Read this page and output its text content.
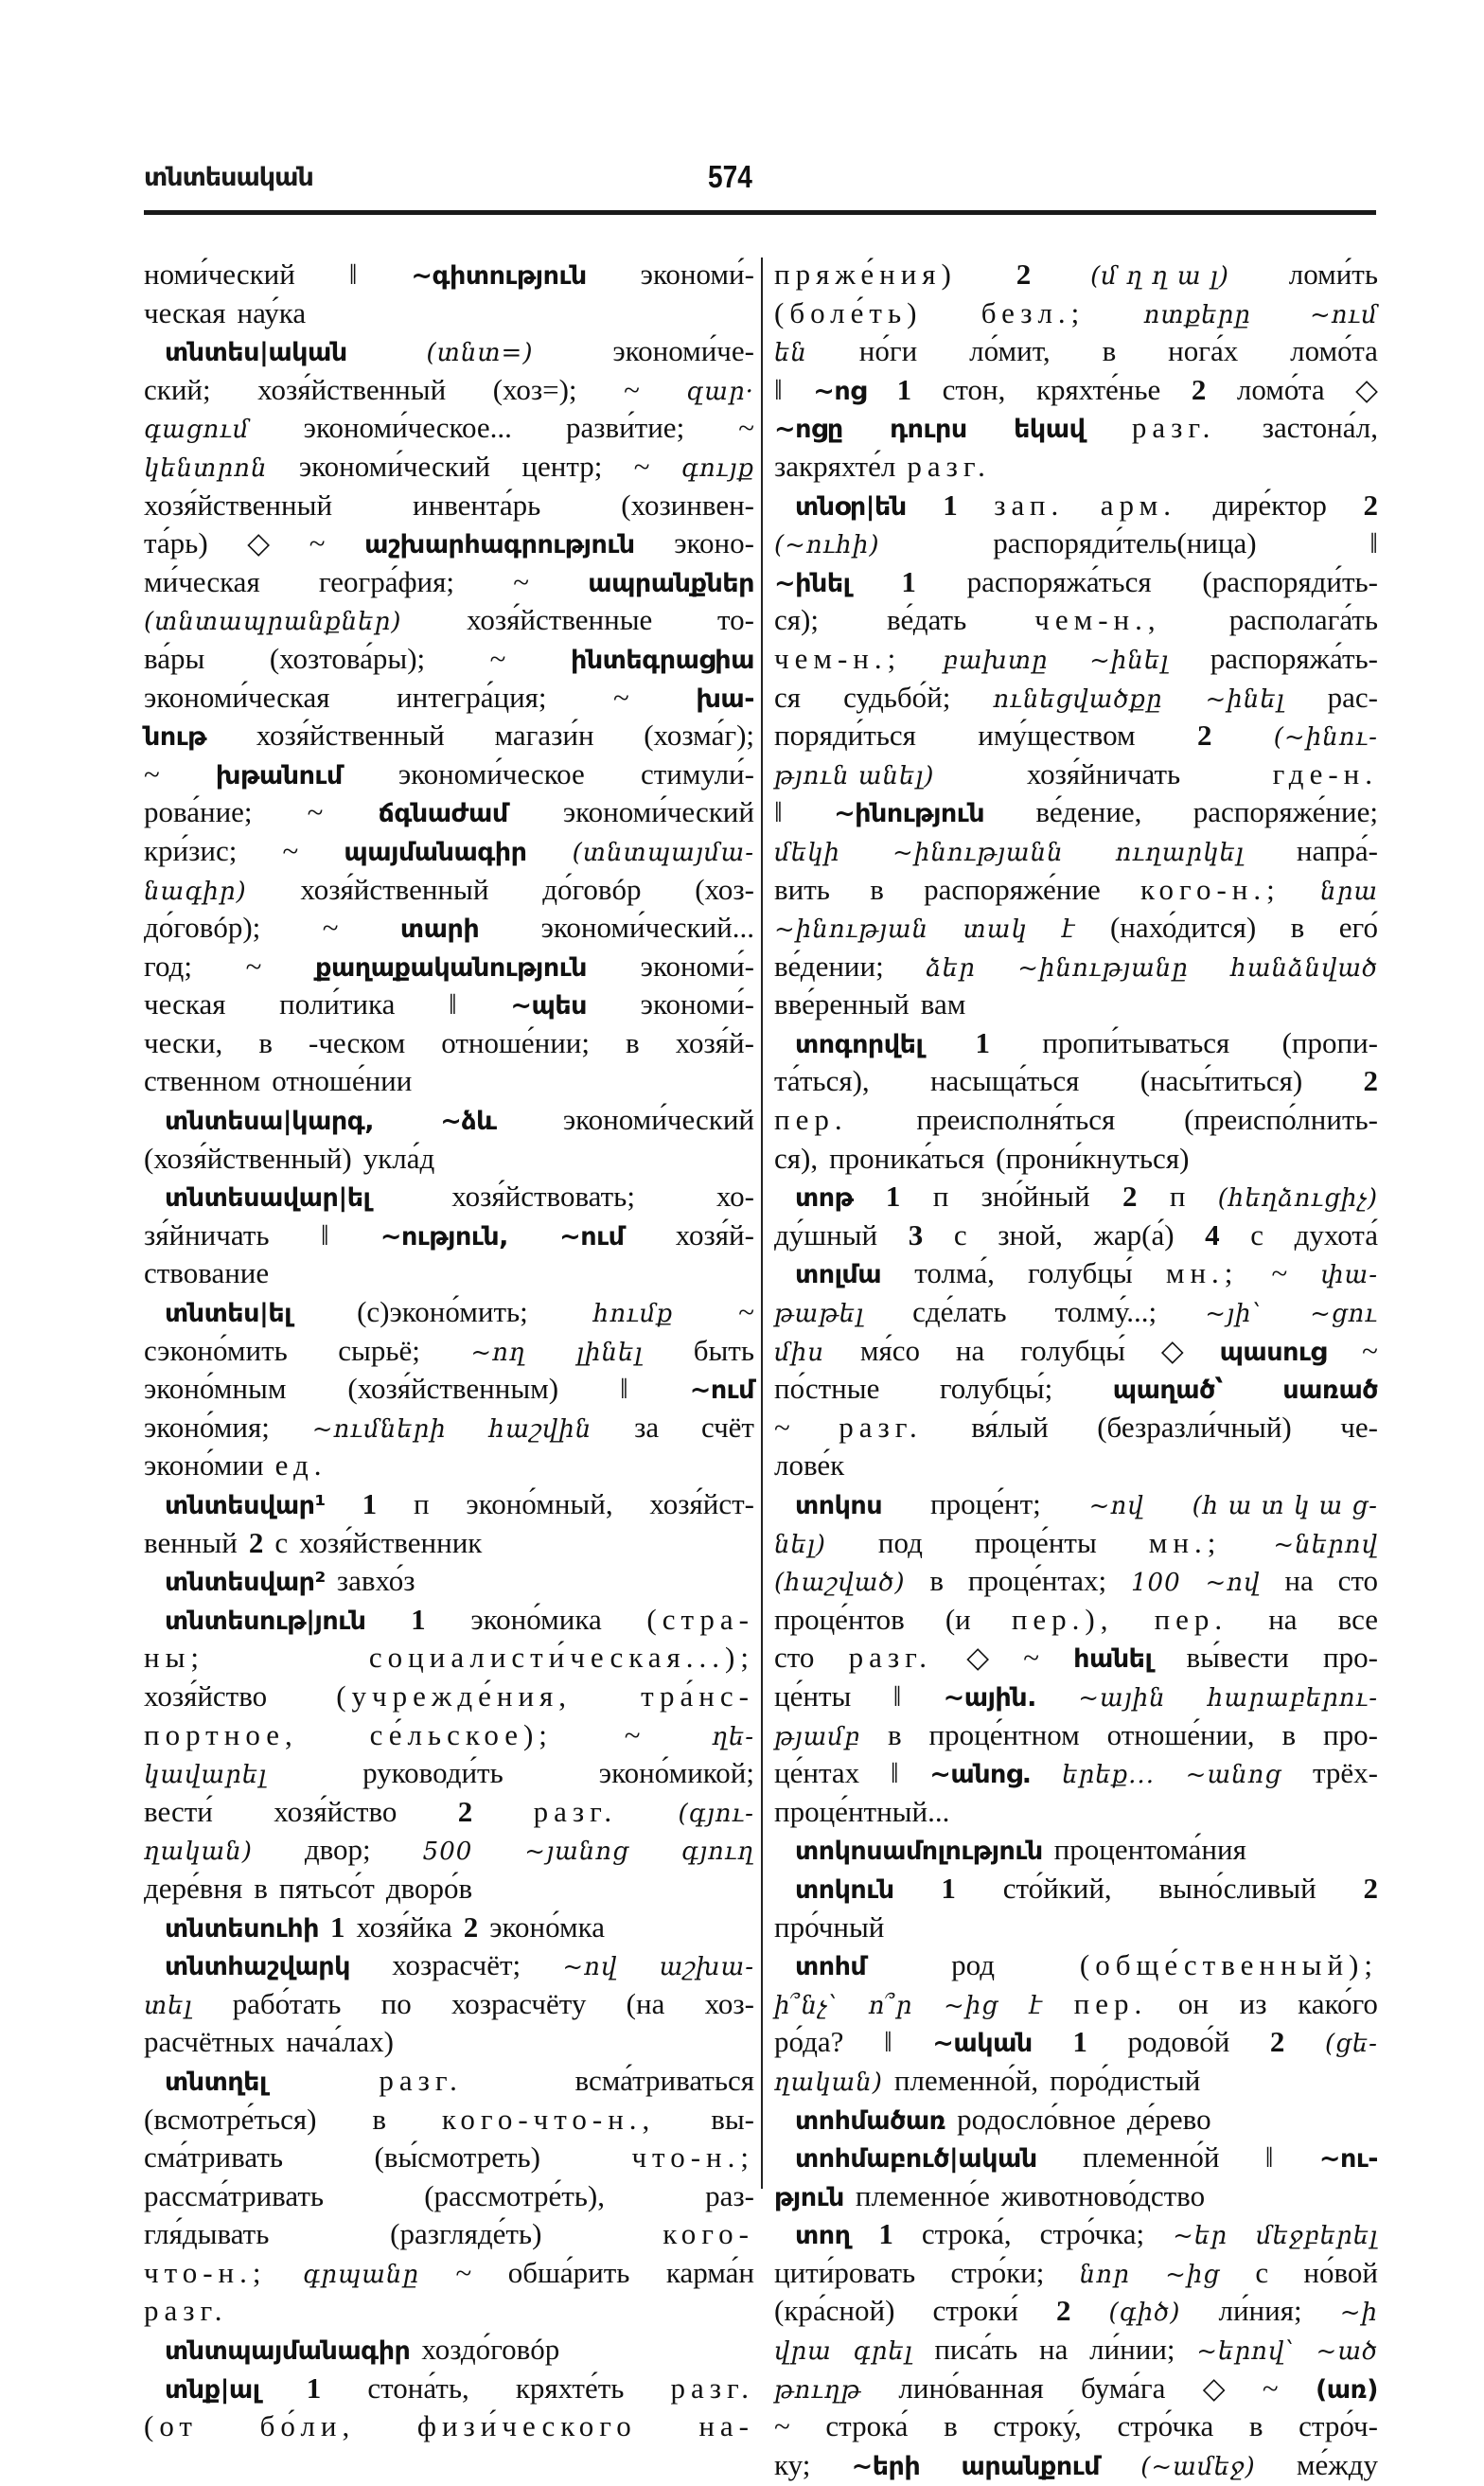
տնտեսական	574
номи́ческий ‖ ~գիտություն экономи́-
ческая нау́ка
տնտես|ական	(տնտ=)	экономи́че-
ский; хозя́йственный (хоз=); ~ զար·
գացում экономи́ческое... разви́тие; ~
կենտրոն экономи́ческий центр; ~ գույք
хозя́йственный	инвента́рь	(хозинвен-
та́рь) ◇ ~ աշխարհագրություն эконо-
ми́ческая геогра́фия; ~ ապրանքներ
(տնտապրանքներ) хозя́йственные то-
ва́ры (хозтова́ры); ~	ինտեգրացիա
экономи́ческая интегра́ция; ~	խա-
նութ хозя́йственный магази́н (хозма́г);
~ խթանում экономи́ческое стимули́-
рова́ние; ~ ճգնաժամ экономи́ческий
кри́зис; ~ պայմանագիր (տնտպայմա-
նագիր) хозя́йственный до́говóр (хоз-
до́говóр); ~ տարի экономи́ческий...
год; ~ քաղաքականություն экономи́-
ческая поли́тика ‖ ~պես экономи́-
чески, в -ческом отноше́нии; в хозя́й-
ственном отноше́нии
տնտեսա|կարգ,	~ձև экономи́ческий
(хозя́йственный) укла́д
տնտեսավար|ել	хозя́йствовать;	хо-
зя́йничать ‖ ~ություն, ~ում хозя́й-
ствование
տնտես|ել (с)эконо́мить;	հումք ~
сэконо́мить сырьё; ~ող լինել быть
эконо́мным (хозя́йственным) ‖ ~ում
эконо́мия; ~ումների հաշվին за счёт
эконо́мии ед.
տնտեսվար¹ 1 п эконо́мный, хозя́йст-
венный 2 с хозя́йственник
տնտեսվար² завхо́з
տնտեսութ|յուն 1 эконо́мика (стра-
ны;	социалисти́ческая...);
хозя́йство (учрежде́ния, тра́нс-
портное, се́льское); ~	ղե-
կավարել	руководи́ть	эконо́микой;
вести́ хозя́йство 2 разг. (գյու-
ղական) двор; 500 ~յանոց գյուղ
дере́вня в пятьсо́т дворо́в
տնտեսուհի 1 хозя́йка 2 эконо́мка
տնտհաշվարկ хозрасчёт; ~ով աշխա-
տել рабо́тать по хозрасчёту (на хоз-
расчётных нача́лах)
տնտղել	разг.	всма́триваться
(всмотре́ться) в кого-что-н., вы-
сма́тривать	(вы́смотреть)	что-н.;
рассма́тривать	(рассмотре́ть),	раз-
гля́дывать	(разгляде́ть)	кого-
что-н.; գրպանը ~ обша́рить карма́н
разг.
տնտպայմանագիր хоздо́говóр
տնք|ալ 1 стона́ть, кряхте́ть разг.
(от бо́ли, физи́ческого на-
пряже́ния) 2 (մ ղ ղ ա լ) ломи́ть
(боле́ть) безл.; ոտքերը ~ում
են но́ги ло́мит, в нога́х ломо́та
‖ ~ոց 1 стон, кряхте́нье 2 ломо́та ◇
~ոցը դուրս եկավ разг. застона́л,
закряхте́л разг.
տնօր|են 1 зап. арм. дире́ктор 2
(~ուհի)	распоряди́тель(ница)	‖
~ինել 1 распоряжа́ться (распоряди́ть-
ся); ве́дать чем-н., располага́ть
чем-н.; բախտը ~ինել распоряжа́ть-
ся судьбо́й; ունեցվածքը ~ինել рас-
поряди́ться иму́ществом 2	(~ինու-
թյուն անել)	хозя́йничать	где-н.
‖ ~ինություն ве́дение, распоряже́ние;
մեկի ~ինությանն ուղարկել напра́-
вить в распоряже́ние кого-н.; նրա
~ինության տակ է (нахо́дится) в его́
ве́дении; ձեր ~ինությանը հանձնված
вве́ренный вам
տոգորվել 1 пропи́тываться (пропи-
та́ться), насыща́ться (насы́титься) 2
пер. преисполня́ться (преиспо́лнить-
ся), проника́ться (прони́кнуться)
տոթ 1 п зно́йный 2 п (հեղձուցիչ)
ду́шный 3 с зной, жар(а́) 4 с духота́
տոլմա толма́, голубцы́ мн.; ~ փա-
թաթել сде́лать толму́...; ~յի՝ ~ցու
միս мя́со на голубцы́ ◇ պասուց ~
по́стные голубцы́; պաղած՝ սառած
~ разг. вя́лый (безразли́чный) че-
лове́к
տոկոս проце́нт; ~ով (հ ա տ կ ա ց-
նել) под проце́нты мн.; ~ներով
(հաշված) в проце́нтах; 100 ~ով на сто
проце́нтов (и пер.), пер. на все
сто разг. ◇ ~ հանել вы́вести про-
це́нты ‖ ~ային. ~ային հարաբերու-
թյամբ в проце́нтном отноше́нии, в про-
це́нтах ‖ ~անոց. երեք... ~անոց трёх-
проце́нтный...
տոկոսամոլություն процентома́ния
տոկուն 1 сто́йкий, выно́сливый 2
про́чный
տոհմ	род	(обще́ственный);
ի՞նչ՝ ո՞ր ~ից է пер. он из како́го
ро́да? ‖ ~ական 1 родово́й 2 (ցե-
ղական) племенно́й, поро́дистый
տոհմածառ родосло́вное де́рево
տոհմաբուծ|ական племенно́й ‖ ~ու-
թյուն племенно́е животново́дство
տող 1 строка́, стро́чка; ~եր մեջբերել
цити́ровать стро́ки; նոր ~ից с но́вой
(кра́сной) строки́ 2 (գիծ) ли́ния; ~ի
վրա գրել писа́ть на ли́нии; ~երով՝ ~ած
թուղթ лино́ванная бума́га ◇ ~ (առ)
~ строка́ в строку́, стро́чка в стро́ч-
ку; ~երի արանքում (~ամեջ) ме́жду
